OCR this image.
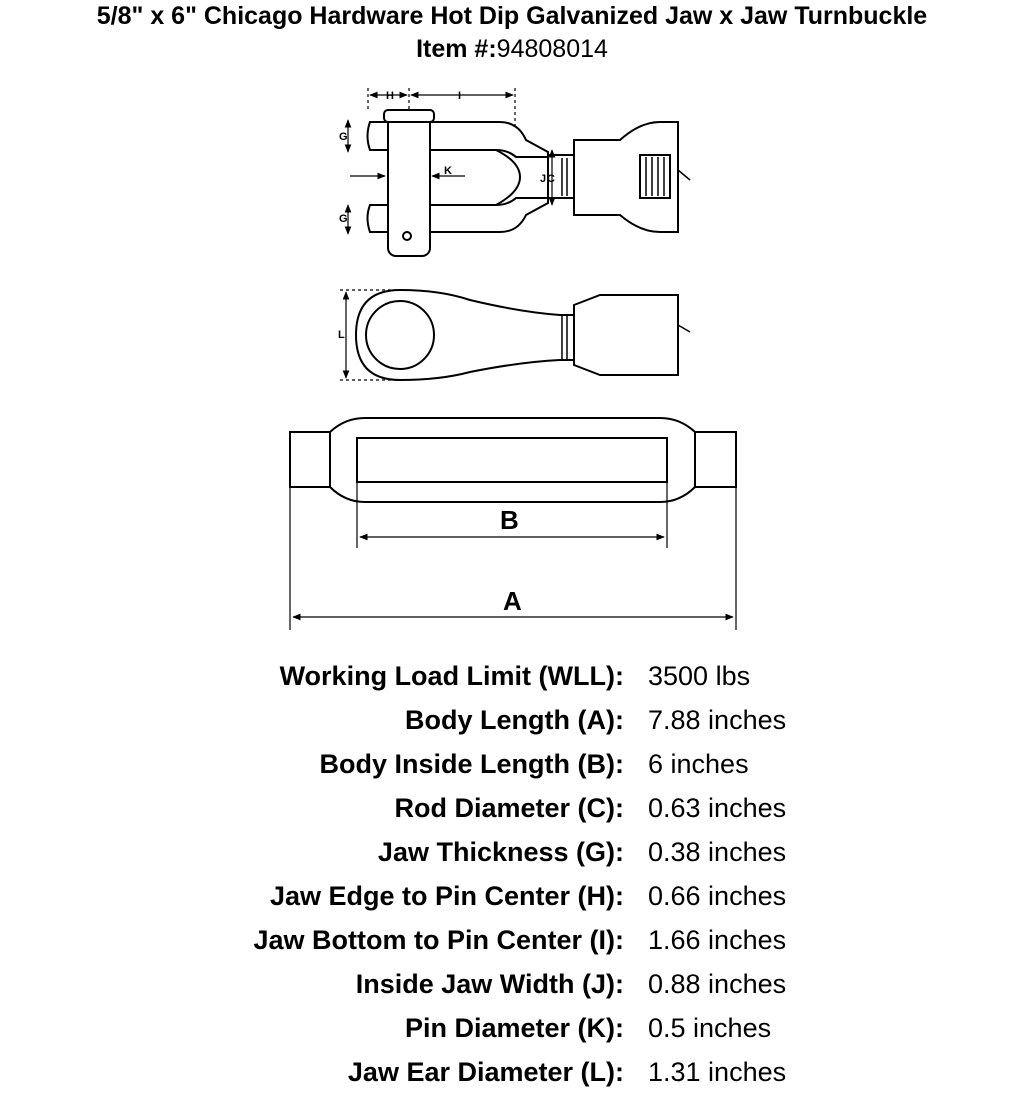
5/8" x 6" Chicago Hardware Hot Dip Galvanized Jaw x Jaw Turnbuckle
Item #:94808014
H	I
G
G
K
J C
L
B
A
Working Load Limit (WLL): 3500 lbs
Body Length (A): 7.88 inches
Body Inside Length (B): 6 inches
Rod Diameter (C): 0.63 inches
Jaw Thickness (G): 0.38 inches
Jaw Edge to Pin Center (H): 0.66 inches
Jaw Bottom to Pin Center (I): 1.66 inches
Inside Jaw Width (J): 0.88 inches
Pin Diameter (K): 0.5 inches
Jaw Ear Diameter (L): 1.31 inches
